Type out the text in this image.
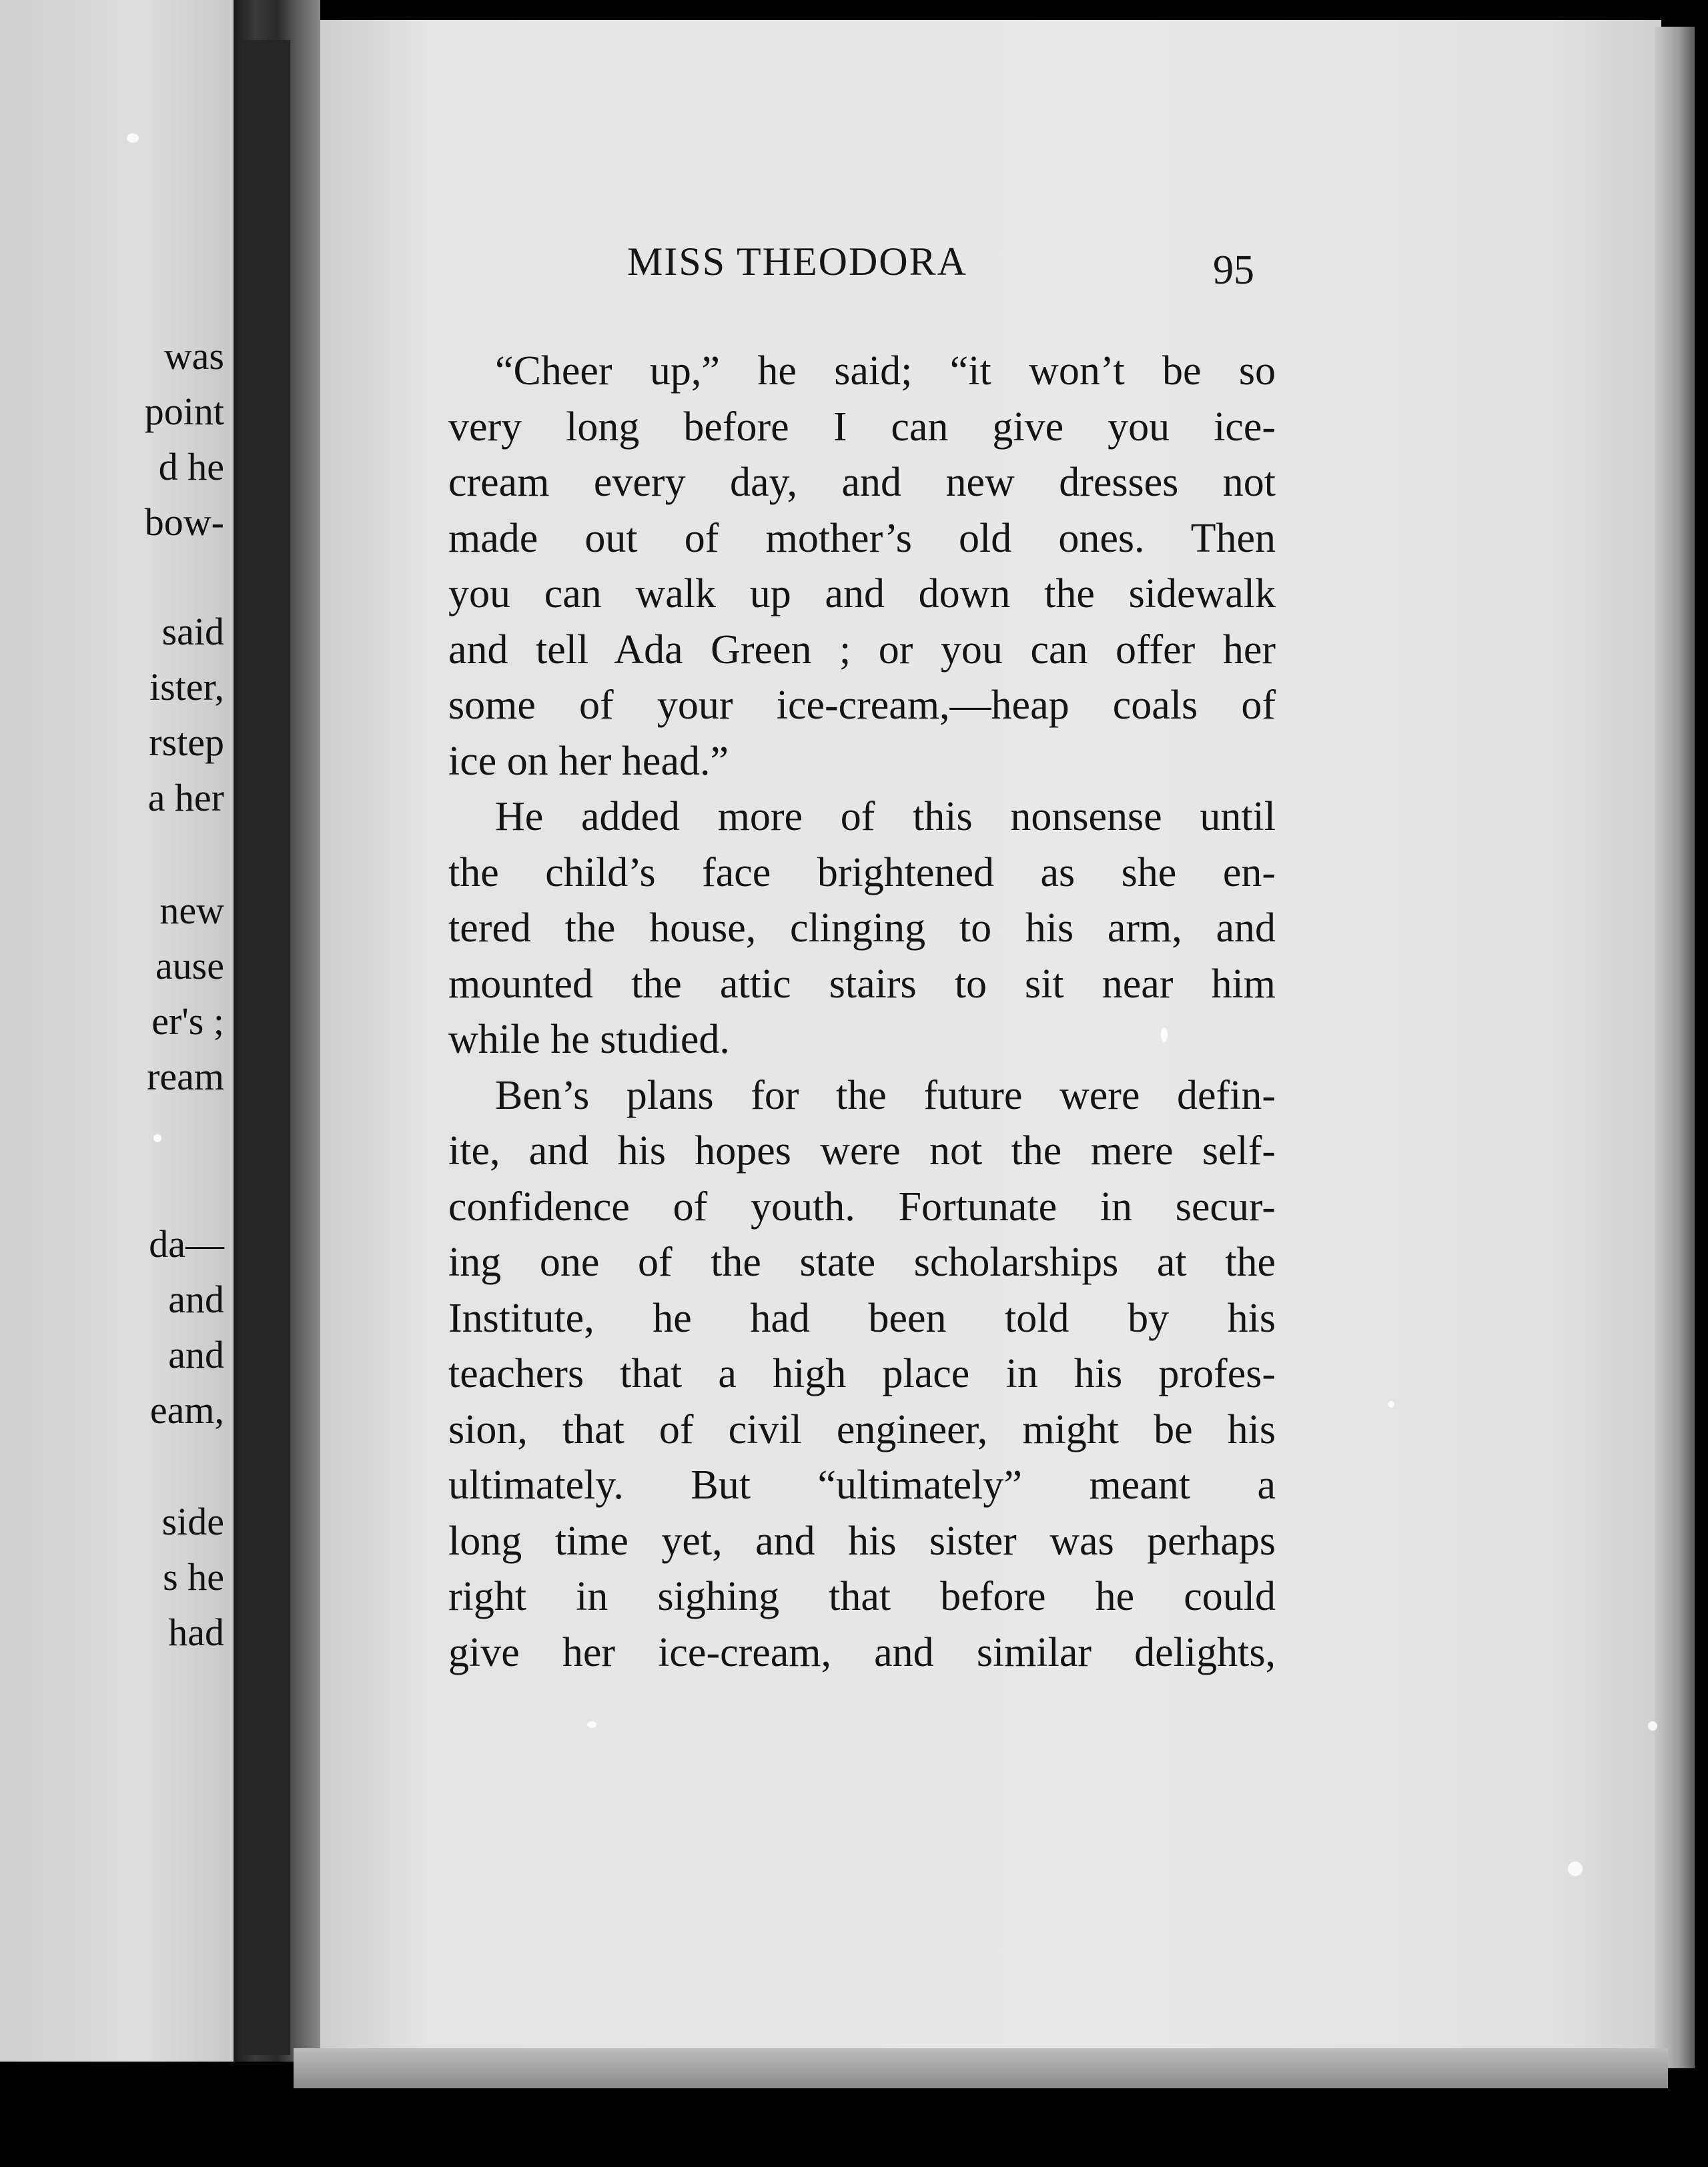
was

point

d he

bow-

said

ister,

rstep

a her

new

ause

er's ;

ream

da—

and

and

eam,

side

s he

had

MISS THEODORA	95

“Cheer up,” he said; “it won’t be so

very long before I can give you ice-

cream every day, and new dresses not

made out of mother’s old ones. Then

you can walk up and down the sidewalk

and tell Ada Green ; or you can offer her

some of your ice-cream,—heap coals of

ice on her head.”

He added more of this nonsense until

the child’s face brightened as she en-

tered the house, clinging to his arm, and

mounted the attic stairs to sit near him

while he studied.

Ben’s plans for the future were defin-

ite, and his hopes were not the mere self-

confidence of youth. Fortunate in secur-

ing one of the state scholarships at the

Institute, he had been told by his

teachers that a high place in his profes-

sion, that of civil engineer, might be his

ultimately. But “ultimately” meant a

long time yet, and his sister was perhaps

right in sighing that before he could

give her ice-cream, and similar delights,
